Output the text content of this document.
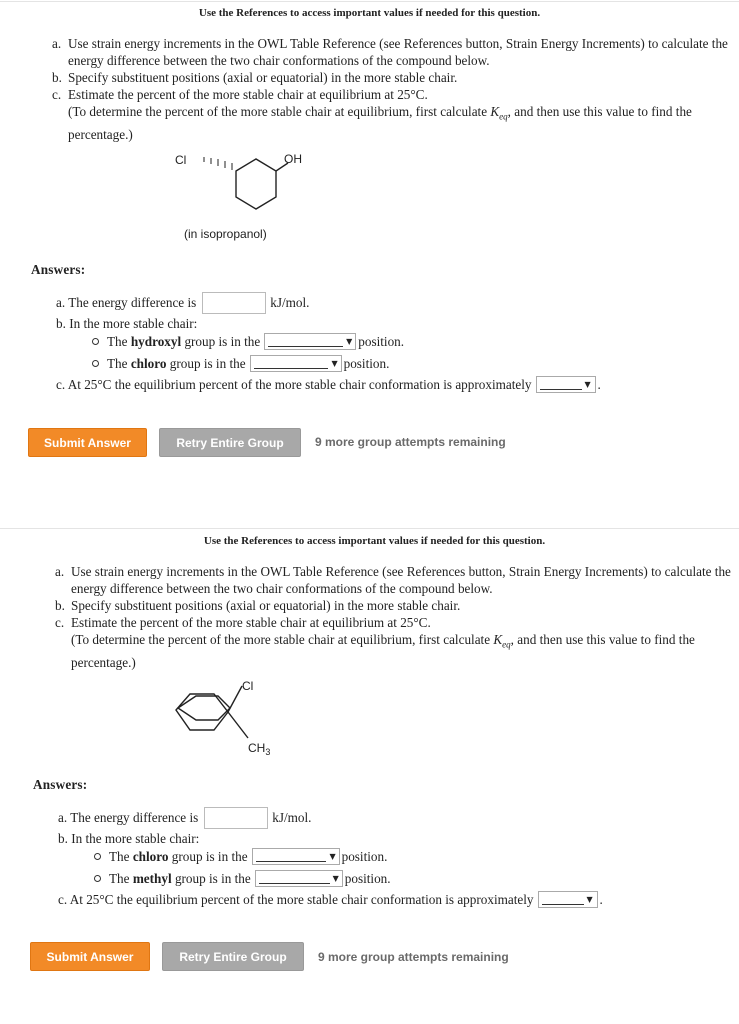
Use the References to access important values if needed for this question.
a. Use strain energy increments in the OWL Table Reference (see References button, Strain Energy Increments) to calculate the energy difference between the two chair conformations of the compound below.
b. Specify substituent positions (axial or equatorial) in the more stable chair.
c. Estimate the percent of the more stable chair at equilibrium at 25°C.
(To determine the percent of the more stable chair at equilibrium, first calculate $K_{eq}$, and then use this value to find the percentage.)
Cl	OH
(in isopropanol)
Answers:
a. The energy difference is	kJ/mol.
b. In the more stable chair:
The
hydroxyl
group is in the	▼ position.
The
chloro
group is in the	▼ position.
c. At 25°C the equilibrium percent of the more stable chair conformation is approximately	▼ .
Submit Answer	Retry Entire Group	9 more group attempts remaining
Use the References to access important values if needed for this question.
a. Use strain energy increments in the OWL Table Reference (see References button, Strain Energy Increments) to calculate the energy difference between the two chair conformations of the compound below.
b. Specify substituent positions (axial or equatorial) in the more stable chair.
c. Estimate the percent of the more stable chair at equilibrium at 25°C.
(To determine the percent of the more stable chair at equilibrium, first calculate $K_{eq}$, and then use this value to find the percentage.)
Cl
$CH_3$
Answers:
a. The energy difference is	kJ/mol.
b. In the more stable chair:
The
chloro
group is in the	▼ position.
The
methyl
group is in the	▼ position.
c. At 25°C the equilibrium percent of the more stable chair conformation is approximately	▼ .
Submit Answer	Retry Entire Group	9 more group attempts remaining
